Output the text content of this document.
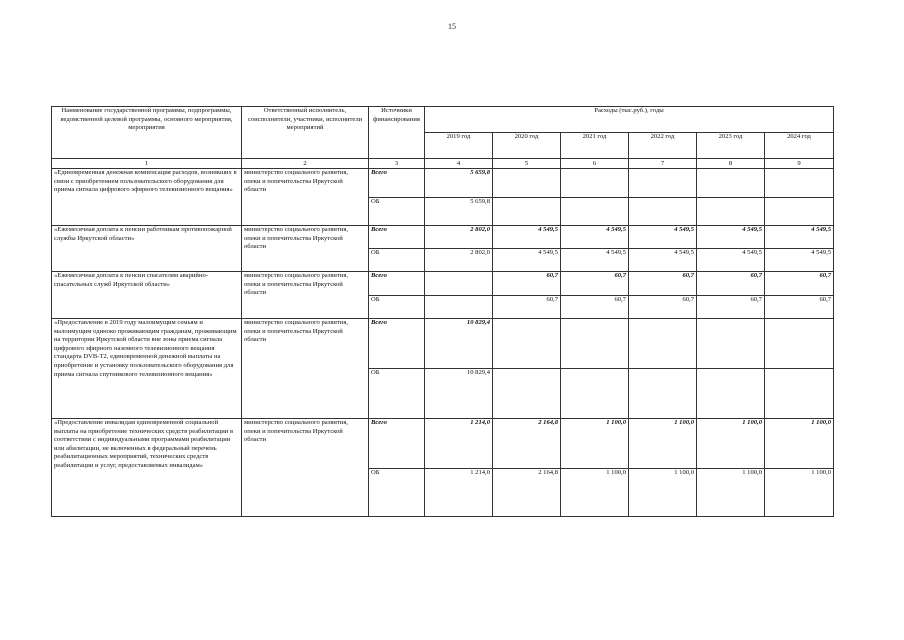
15
Наименование государственной программы, подпрограммы, ведомственной целевой программы, основного мероприятия, мероприятия	Ответственный исполнитель, соисполнители, участники, исполнители мероприятий	Источники финансирования	Расходы (тыс.руб.), годы					
			2019 год	2020 год	2021 год	2022 год	2023 год	2024 год
1	2	3	4	5	6	7	8	9
«Единовременная денежная компенсация расходов, возникших в связи с приобретением пользовательского оборудования для приема сигнала цифрового эфирного телевизионного вещания»	министерство социального развития, опеки и попечительства Иркутской области	Всего	5 659,8					
		ОБ	5 659,8					
«Ежемесячная доплата к пенсии работникам противопожарной службы Иркутской области»	министерство социального развития, опеки и попечительства Иркутской области	Всего	2 802,0	4 549,5	4 549,5	4 549,5	4 549,5	4 549,5
		ОБ	2 802,0	4 549,5	4 549,5	4 549,5	4 549,5	4 549,5
«Ежемесячная доплата к пенсии спасателям аварийно-спасательных служб Иркутской области»	министерство социального развития, опеки и попечительства Иркутской области	Всего		60,7	60,7	60,7	60,7	60,7
		ОБ		60,7	60,7	60,7	60,7	60,7
«Предоставление в 2019 году малоимущим семьям и малоимущим одиноко проживающим гражданам, проживающим на территории Иркутской области вне зоны приема сигнала цифрового эфирного наземного телевизионного вещания стандарта DVB-T2, единовременной денежной выплаты на приобретение и установку пользовательского оборудования для приема сигнала спутникового телевизионного вещания»	министерство социального развития, опеки и попечительства Иркутской области	Всего	10 829,4					
		ОБ	10 829,4					
«Предоставление инвалидам единовременной социальной выплаты на приобретение технических средств реабилитации в соответствии с индивидуальными программами реабилитации или абилитации, не включенных в федеральный перечень реабилитационных мероприятий, технических средств реабилитации и услуг, предоставляемых инвалидам»	министерство социального развития, опеки и попечительства Иркутской области	Всего	1 214,0	2 164,8	1 100,0	1 100,0	1 100,0	1 100,0
		ОБ	1 214,0	2 164,8	1 100,0	1 100,0	1 100,0	1 100,0
